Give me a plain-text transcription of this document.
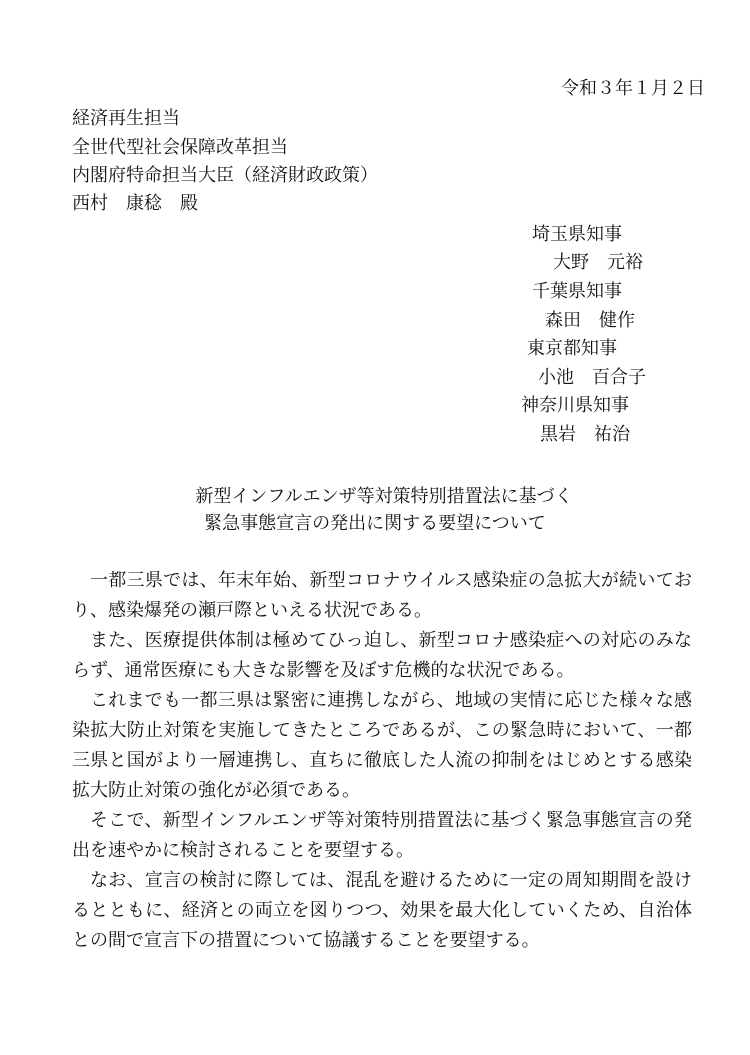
令和３年１月２日

経済再生担当

全世代型社会保障改革担当

内閣府特命担当大臣（経済財政政策）

西村　康稔　殿

埼玉県知事

大野　元裕

千葉県知事

森田　健作

東京都知事

小池　百合子

神奈川県知事

黒岩　祐治

新型インフルエンザ等対策特別措置法に基づく

緊急事態宣言の発出に関する要望について

一都三県では、年末年始、新型コロナウイルス感染症の急拡大が続いており、感染爆発の瀬戸際といえる状況である。

また、医療提供体制は極めてひっ迫し、新型コロナ感染症への対応のみならず、通常医療にも大きな影響を及ぼす危機的な状況である。

これまでも一都三県は緊密に連携しながら、地域の実情に応じた様々な感染拡大防止対策を実施してきたところであるが、この緊急時において、一都三県と国がより一層連携し、直ちに徹底した人流の抑制をはじめとする感染拡大防止対策の強化が必須である。

そこで、新型インフルエンザ等対策特別措置法に基づく緊急事態宣言の発出を速やかに検討されることを要望する。

なお、宣言の検討に際しては、混乱を避けるために一定の周知期間を設けるとともに、経済との両立を図りつつ、効果を最大化していくため、自治体との間で宣言下の措置について協議することを要望する。
